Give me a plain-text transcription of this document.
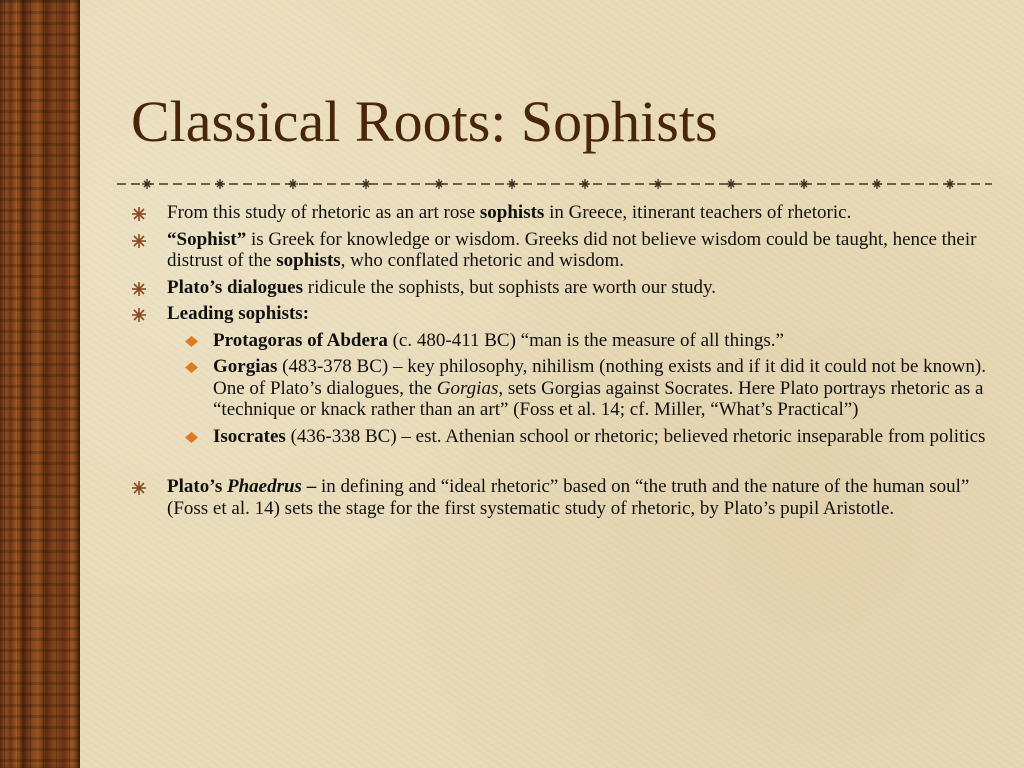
Classical Roots: Sophists
From this study of rhetoric as an art rose sophists in Greece, itinerant teachers of rhetoric.
“Sophist” is Greek for knowledge or wisdom. Greeks did not believe wisdom could be taught, hence their distrust of the sophists, who conflated rhetoric and wisdom.
Plato’s dialogues ridicule the sophists, but sophists are worth our study.
Leading sophists:
Protagoras of Abdera (c. 480-411 BC) “man is the measure of all things.”
Gorgias (483-378 BC) – key philosophy, nihilism (nothing exists and if it did it could not be known). One of Plato’s dialogues, the Gorgias, sets Gorgias against Socrates. Here Plato portrays rhetoric as a “technique or knack rather than an art” (Foss et al. 14; cf. Miller, “What’s Practical”)
Isocrates (436-338 BC) – est. Athenian school or rhetoric; believed rhetoric inseparable from politics
Plato’s Phaedrus – in defining and “ideal rhetoric” based on “the truth and the nature of the human soul” (Foss et al. 14) sets the stage for the first systematic study of rhetoric, by Plato’s pupil Aristotle.
